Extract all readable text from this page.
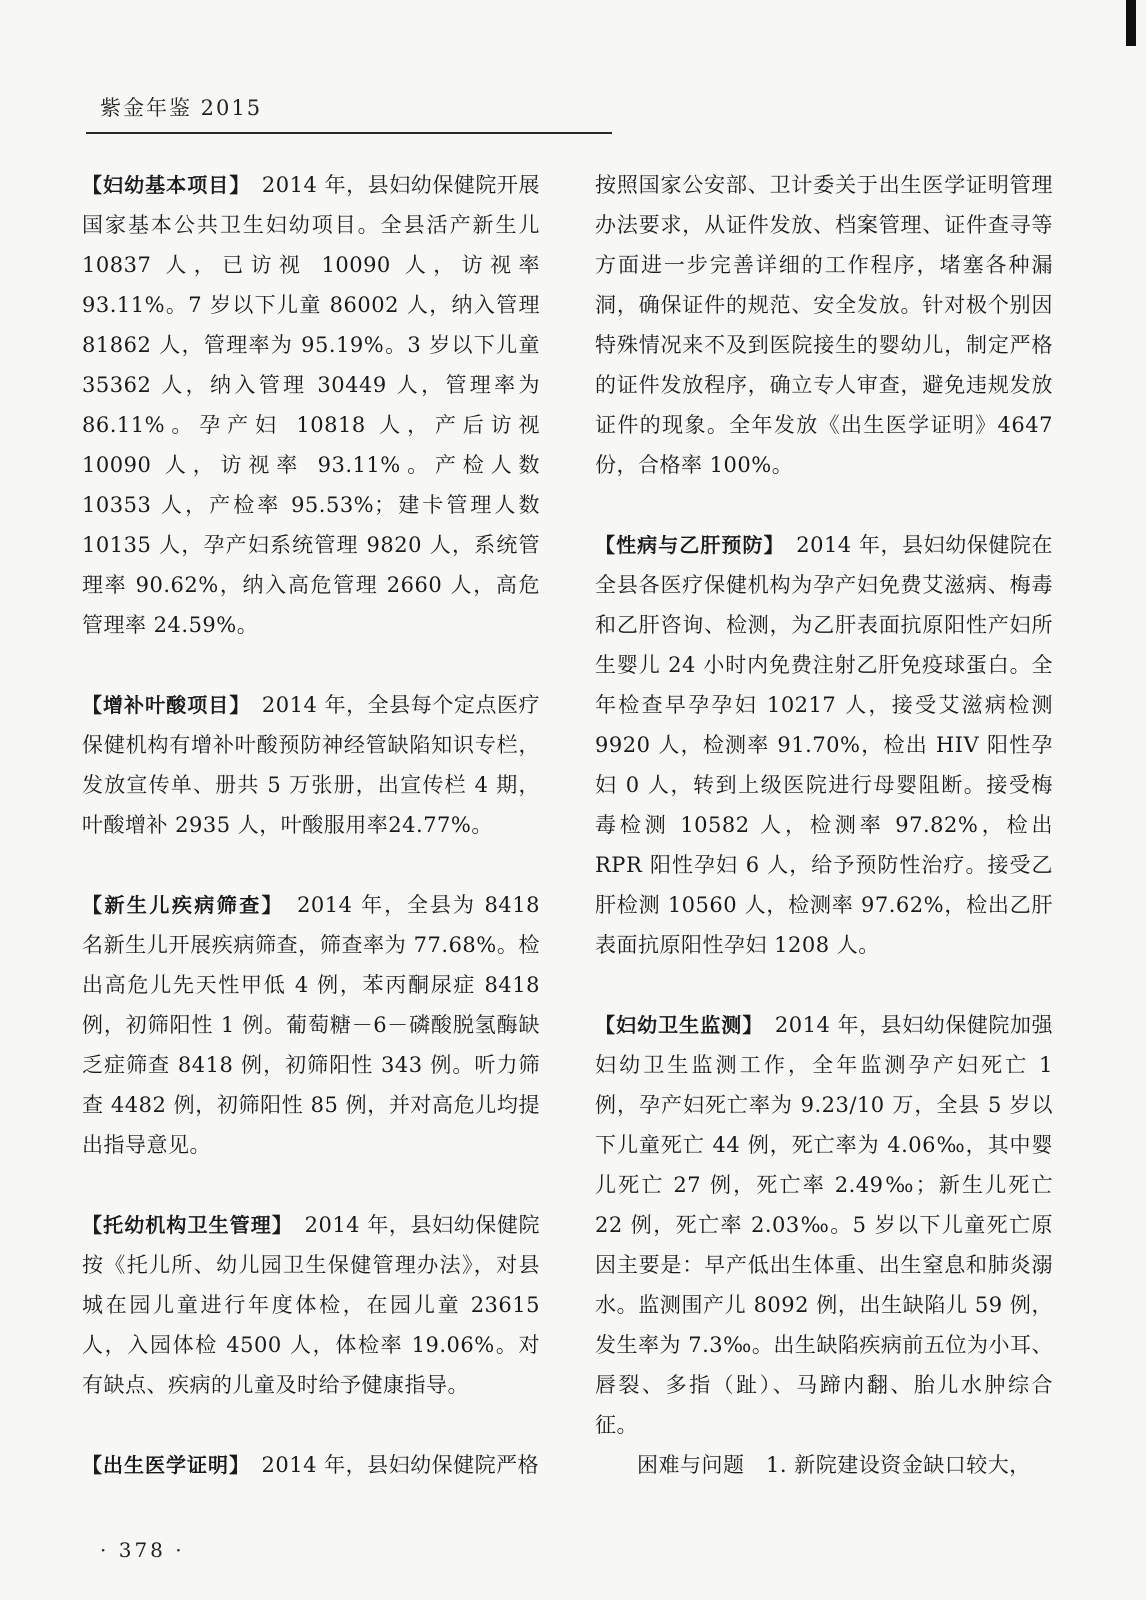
紫金年鉴 2015

【妇幼基本项目】　2014 年，县妇幼保健院开展国家基本公共卫生妇幼项目。全县活产新生儿 10837 人，已访视 10090 人，访视率 93.11%。7 岁以下儿童 86002 人，纳入管理 81862 人，管理率为 95.19%。3 岁以下儿童 35362 人，纳入管理 30449 人，管理率为 86.11%。孕产妇 10818 人，产后访视 10090 人，访视率 93.11%。产检人数 10353 人，产检率 95.53%；建卡管理人数 10135 人，孕产妇系统管理 9820 人，系统管理率 90.62%，纳入高危管理 2660 人，高危管理率 24.59%。

【增补叶酸项目】　2014 年，全县每个定点医疗保健机构有增补叶酸预防神经管缺陷知识专栏，发放宣传单、册共 5 万张册，出宣传栏 4 期，叶酸增补 2935 人，叶酸服用率24.77%。

【新生儿疾病筛查】　2014 年，全县为 8418 名新生儿开展疾病筛查，筛查率为 77.68%。检出高危儿先天性甲低 4 例，苯丙酮尿症 8418 例，初筛阳性 1 例。葡萄糖－6－磷酸脱氢酶缺乏症筛查 8418 例，初筛阳性 343 例。听力筛查 4482 例，初筛阳性 85 例，并对高危儿均提出指导意见。

【托幼机构卫生管理】　2014 年，县妇幼保健院按《托儿所、幼儿园卫生保健管理办法》，对县城在园儿童进行年度体检，在园儿童 23615 人，入园体检 4500 人，体检率 19.06%。对有缺点、疾病的儿童及时给予健康指导。

【出生医学证明】　2014 年，县妇幼保健院严格

按照国家公安部、卫计委关于出生医学证明管理办法要求，从证件发放、档案管理、证件查寻等方面进一步完善详细的工作程序，堵塞各种漏洞，确保证件的规范、安全发放。针对极个别因特殊情况来不及到医院接生的婴幼儿，制定严格的证件发放程序，确立专人审查，避免违规发放证件的现象。全年发放《出生医学证明》4647 份，合格率 100%。

【性病与乙肝预防】　2014 年，县妇幼保健院在全县各医疗保健机构为孕产妇免费艾滋病、梅毒和乙肝咨询、检测，为乙肝表面抗原阳性产妇所生婴儿 24 小时内免费注射乙肝免疫球蛋白。全年检查早孕孕妇 10217 人，接受艾滋病检测 9920 人，检测率 91.70%，检出 HIV 阳性孕妇 0 人，转到上级医院进行母婴阻断。接受梅毒检测 10582 人，检测率 97.82%，检出 RPR 阳性孕妇 6 人，给予预防性治疗。接受乙肝检测 10560 人，检测率 97.62%，检出乙肝表面抗原阳性孕妇 1208 人。

【妇幼卫生监测】　2014 年，县妇幼保健院加强妇幼卫生监测工作，全年监测孕产妇死亡 1 例，孕产妇死亡率为 9.23/10 万，全县 5 岁以下儿童死亡 44 例，死亡率为 4.06‰，其中婴儿死亡 27 例，死亡率 2.49‰；新生儿死亡 22 例，死亡率 2.03‰。5 岁以下儿童死亡原因主要是：早产低出生体重、出生窒息和肺炎溺水。监测围产儿 8092 例，出生缺陷儿 59 例，发生率为 7.3‰。出生缺陷疾病前五位为小耳、唇裂、多指（趾）、马蹄内翻、胎儿水肿综合征。

困难与问题　1. 新院建设资金缺口较大，

· 378 ·
